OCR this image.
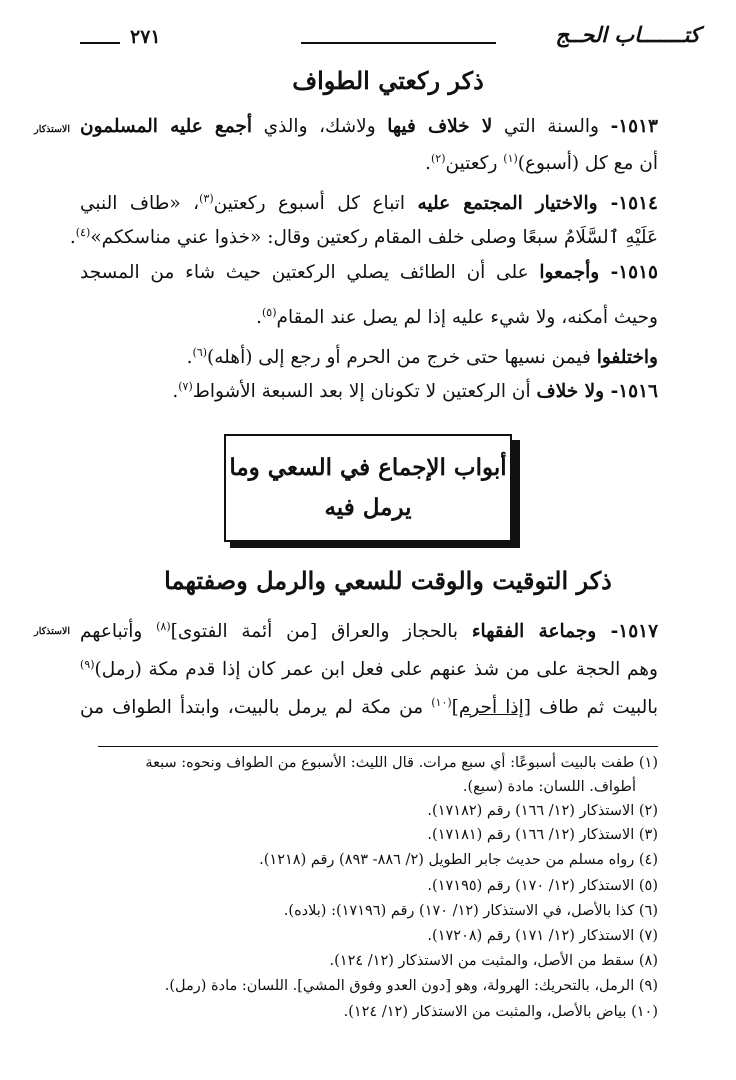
كتـــــــاب الحــج
٢٧١
ذكر ركعتي الطواف
الاستذكار	١٥١٣- والسنة التي لا خلاف فيها ولاشك، والذي أجمع عليه المسلمون
أن مع كل (أسبوع)$^{(١)}$ ركعتين$^{(٢)}$.
١٥١٤- والاختيار المجتمع عليه اتباع كل أسبوع ركعتين$^{(٣)}$، «طاف النبي
عَلَيْهِ ٱلسَّلَامُ سبعًا وصلى خلف المقام ركعتين وقال: «خذوا عني مناسككم»$^{(٤)}$.
١٥١٥- وأجمعوا على أن الطائف يصلي الركعتين حيث شاء من المسجد
وحيث أمكنه، ولا شيء عليه إذا لم يصل عند المقام$^{(٥)}$.
واختلفوا فيمن نسيها حتى خرج من الحرم أو رجع إلى (أهله)$^{(٦)}$.
١٥١٦- ولا خلاف أن الركعتين لا تكونان إلا بعد السبعة الأشواط$^{(٧)}$.
أبواب الإجماع في السعي وما
يرمل فيه
ذكر التوقيت والوقت للسعي والرمل وصفتهما
الاستذكار	١٥١٧- وجماعة الفقهاء بالحجاز والعراق [من أئمة الفتوى]$^{(٨)}$ وأتباعهم
وهم الحجة على من شذ عنهم على فعل ابن عمر كان إذا قدم مكة (رمل)$^{(٩)}$
بالبيت ثم طاف [إذا أحرم]$^{(١٠)}$ من مكة لم يرمل بالبيت، وابتدأ الطواف من
(١) طفت بالبيت أسبوعًا: أي سبع مرات. قال الليث: الأسبوع من الطواف ونحوه: سبعة
أطواف. اللسان: مادة (سبع).
(٢) الاستذكار (١٢/ ١٦٦) رقم (١٧١٨٢).
(٣) الاستذكار (١٢/ ١٦٦) رقم (١٧١٨١).
(٤) رواه مسلم من حديث جابر الطويل (٢/ ٨٨٦- ٨٩٣) رقم (١٢١٨).
(٥) الاستذكار (١٢/ ١٧٠) رقم (١٧١٩٥).
(٦) كذا بالأصل، في الاستذكار (١٢/ ١٧٠) رقم (١٧١٩٦): (بلاده).
(٧) الاستذكار (١٢/ ١٧١) رقم (١٧٢٠٨).
(٨) سقط من الأصل، والمثبت من الاستذكار (١٢/ ١٢٤).
(٩) الرمل، بالتحريك: الهرولة، وهو [دون العدو وفوق المشي]. اللسان: مادة (رمل).
(١٠) بياض بالأصل، والمثبت من الاستذكار (١٢/ ١٢٤).
